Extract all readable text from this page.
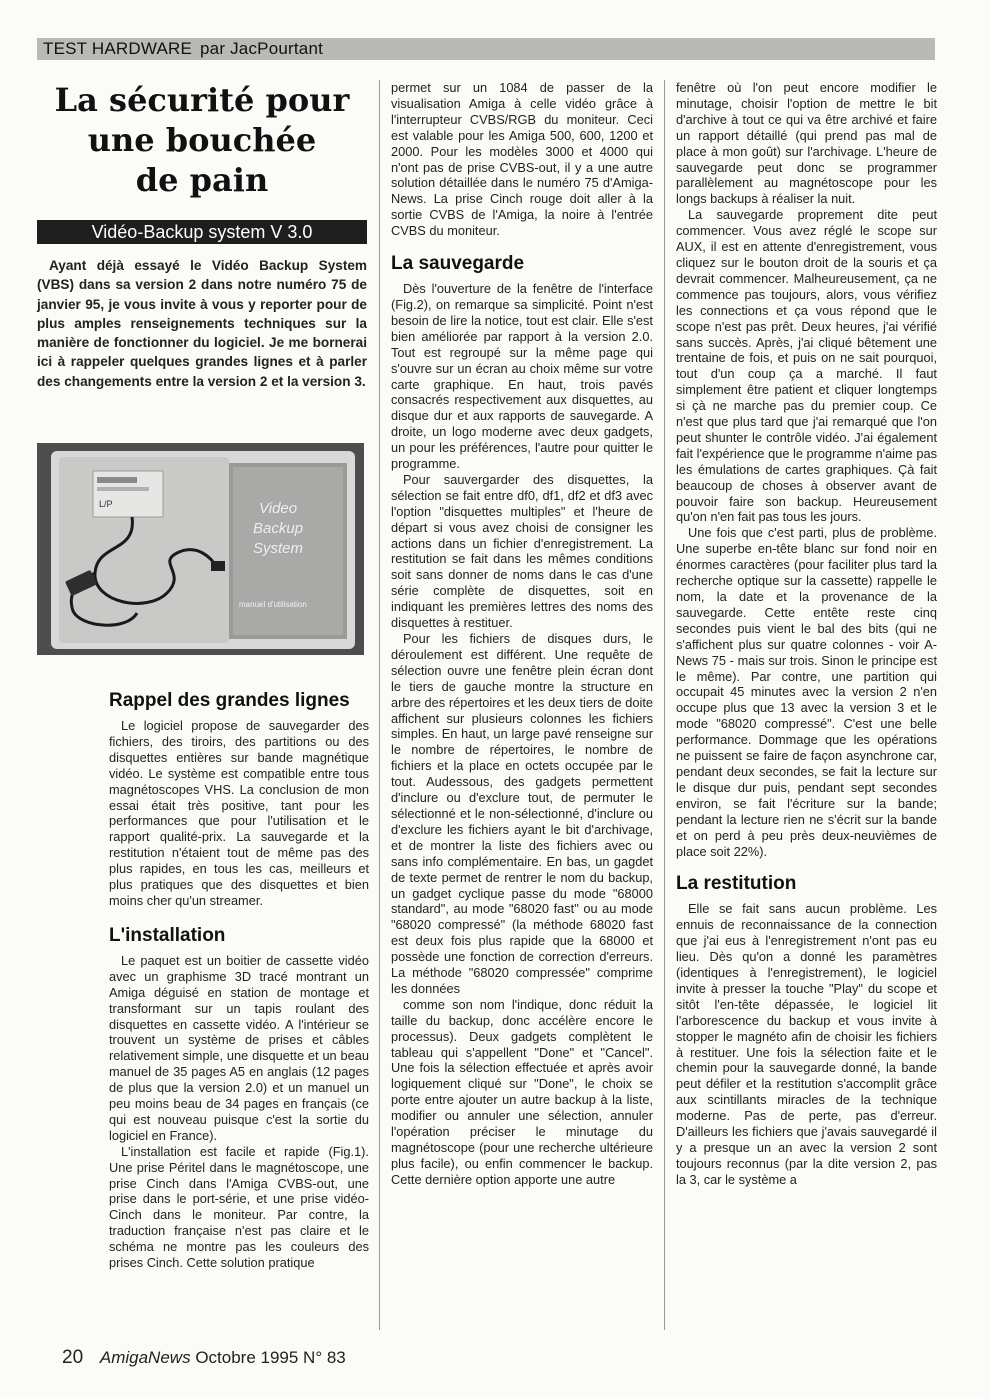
TEST HARDWARE par JacPourtant
La sécurité pour
une bouchée
de pain
Vidéo-Backup system V 3.0

Ayant déjà essayé le Vidéo Backup System (VBS) dans sa version 2 dans notre numéro 75 de janvier 95, je vous invite à vous y reporter pour de plus amples renseignements techniques sur la manière de fonctionner du logiciel. Je me bornerai ici à rappeler quelques grandes lignes et à parler des changements entre la version 2 et la version 3.

L/P	Video
Backup
System
manuel d'utilisation
Rappel des grandes lignes

Le logiciel propose de sauvegarder des fichiers, des tiroirs, des partitions ou des disquettes entières sur bande magnétique vidéo. Le système est compatible entre tous magnétoscopes VHS. La conclusion de mon essai était très positive, tant pour les performances que pour l'utilisation et le rapport qualité-prix. La sauvegarde et la restitution n'étaient tout de même pas des plus rapides, en tous les cas, meilleurs et plus pratiques que des disquettes et bien moins cher qu'un streamer.

L'installation

Le paquet est un boitier de cassette vidéo avec un graphisme 3D tracé montrant un Amiga déguisé en station de montage et transformant sur un tapis roulant des disquettes en cassette vidéo. A l'intérieur se trouvent un système de prises et câbles relativement simple, une disquette et un beau manuel de 35 pages A5 en anglais (12 pages de plus que la version 2.0) et un manuel un peu moins beau de 34 pages en français (ce qui est nouveau puisque c'est la sortie du logiciel en France).

L'installation est facile et rapide (Fig.1). Une prise Péritel dans le magnétoscope, une prise Cinch dans l'Amiga CVBS-out, une prise dans le port-série, et une prise vidéo-Cinch dans le moniteur. Par contre, la traduction française n'est pas claire et le schéma ne montre pas les couleurs des prises Cinch. Cette solution pratique

permet sur un 1084 de passer de la visualisation Amiga à celle vidéo grâce à l'interrupteur CVBS/RGB du moniteur. Ceci est valable pour les Amiga 500, 600, 1200 et 2000. Pour les modèles 3000 et 4000 qui n'ont pas de prise CVBS-out, il y a une autre solution détaillée dans le numéro 75 d'Amiga-News. La prise Cinch rouge doit aller à la sortie CVBS de l'Amiga, la noire à l'entrée CVBS du moniteur.

La sauvegarde

Dès l'ouverture de la fenêtre de l'interface (Fig.2), on remarque sa simplicité. Point n'est besoin de lire la notice, tout est clair. Elle s'est bien améliorée par rapport à la version 2.0. Tout est regroupé sur la même page qui s'ouvre sur un écran au choix même sur votre carte graphique. En haut, trois pavés consacrés respectivement aux disquettes, au disque dur et aux rapports de sauvegarde. A droite, un logo moderne avec deux gadgets, un pour les préférences, l'autre pour quitter le programme.

Pour sauvergarder des disquettes, la sélection se fait entre df0, df1, df2 et df3 avec l'option "disquettes multiples" et l'heure de départ si vous avez choisi de consigner les actions dans un fichier d'enregistrement. La restitution se fait dans les mêmes conditions soit sans donner de noms dans le cas d'une série complète de disquettes, soit en indiquant les premières lettres des noms des disquettes à restituer.

Pour les fichiers de disques durs, le déroulement est différent. Une requête de sélection ouvre une fenêtre plein écran dont le tiers de gauche montre la structure en arbre des répertoires et les deux tiers de doite affichent sur plusieurs colonnes les fichiers simples. En haut, un large pavé renseigne sur le nombre de répertoires, le nombre de fichiers et la place en octets occupée par le tout. Audessous, des gadgets permettent d'inclure ou d'exclure tout, de permuter le sélectionné et le non-sélectionné, d'inclure ou d'exclure les fichiers ayant le bit d'archivage, et de montrer la liste des fichiers avec ou sans info complémentaire. En bas, un gagdet de texte permet de rentrer le nom du backup, un gadget cyclique passe du mode "68000 standard", au mode "68020 fast" ou au mode "68020 compressé" (la méthode 68020 fast est deux fois plus rapide que la 68000 et possède une fonction de correction d'erreurs. La méthode "68020 compressée" comprime les données

comme son nom l'indique, donc réduit la taille du backup, donc accélère encore le processus). Deux gadgets complètent le tableau qui s'appellent "Done" et "Cancel". Une fois la sélection effectuée et après avoir logiquement cliqué sur "Done", le choix se porte entre ajouter un autre backup à la liste, modifier ou annuler une sélection, annuler l'opération préciser le minutage du magnétoscope (pour une recherche ultérieure plus facile), ou enfin commencer le backup. Cette dernière option apporte une autre

fenêtre où l'on peut encore modifier le minutage, choisir l'option de mettre le bit d'archive à tout ce qui va être archivé et faire un rapport détaillé (qui prend pas mal de place à mon goût) sur l'archivage. L'heure de sauvegarde peut donc se programmer parallèlement au magnétoscope pour les longs backups à réaliser la nuit.

La sauvegarde proprement dite peut commencer. Vous avez réglé le scope sur AUX, il est en attente d'enregistrement, vous cliquez sur le bouton droit de la souris et ça devrait commencer. Malheureusement, ça ne commence pas toujours, alors, vous vérifiez les connections et ça vous répond que le scope n'est pas prêt. Deux heures, j'ai vérifié sans succès. Après, j'ai cliqué bêtement une trentaine de fois, et puis on ne sait pourquoi, tout d'un coup ça a marché. Il faut simplement être patient et cliquer longtemps si çà ne marche pas du premier coup. Ce n'est que plus tard que j'ai remarqué que l'on peut shunter le contrôle vidéo. J'ai également fait l'expérience que le programme n'aime pas les émulations de cartes graphiques. Çà fait beaucoup de choses à observer avant de pouvoir faire son backup. Heureusement qu'on n'en fait pas tous les jours.

Une fois que c'est parti, plus de problème. Une superbe en-tête blanc sur fond noir en énormes caractères (pour faciliter plus tard la recherche optique sur la cassette) rappelle le nom, la date et la provenance de la sauvegarde. Cette entête reste cinq secondes puis vient le bal des bits (qui ne s'affichent plus sur quatre colonnes - voir A-News 75 - mais sur trois. Sinon le principe est le même). Par contre, une partition qui occupait 45 minutes avec la version 2 n'en occupe plus que 13 avec la version 3 et le mode "68020 compressé". C'est une belle performance. Dommage que les opérations ne puissent se faire de façon asynchrone car, pendant deux secondes, se fait la lecture sur le disque dur puis, pendant sept secondes environ, se fait l'écriture sur la bande; pendant la lecture rien ne s'écrit sur la bande et on perd à peu près deux-neuvièmes de place soit 22%).

La restitution

Elle se fait sans aucun problème. Les ennuis de reconnaissance de la connection que j'ai eus à l'enregistrement n'ont pas eu lieu. Dès qu'on a donné les paramètres (identiques à l'enregistrement), le logiciel invite à presser la touche "Play" du scope et sitôt l'en-tête dépassée, le logiciel lit l'arborescence du backup et vous invite à stopper le magnéto afin de choisir les fichiers à restituer. Une fois la sélection faite et le chemin pour la sauvegarde donné, la bande peut défiler et la restitution s'accomplit grâce aux scintillants miracles de la technique moderne. Pas de perte, pas d'erreur. D'ailleurs les fichiers que j'avais sauvegardé il y a presque un an avec la version 2 sont toujours reconnus (par la dite version 2, pas la 3, car le système a

20 AmigaNews Octobre 1995 N° 83
